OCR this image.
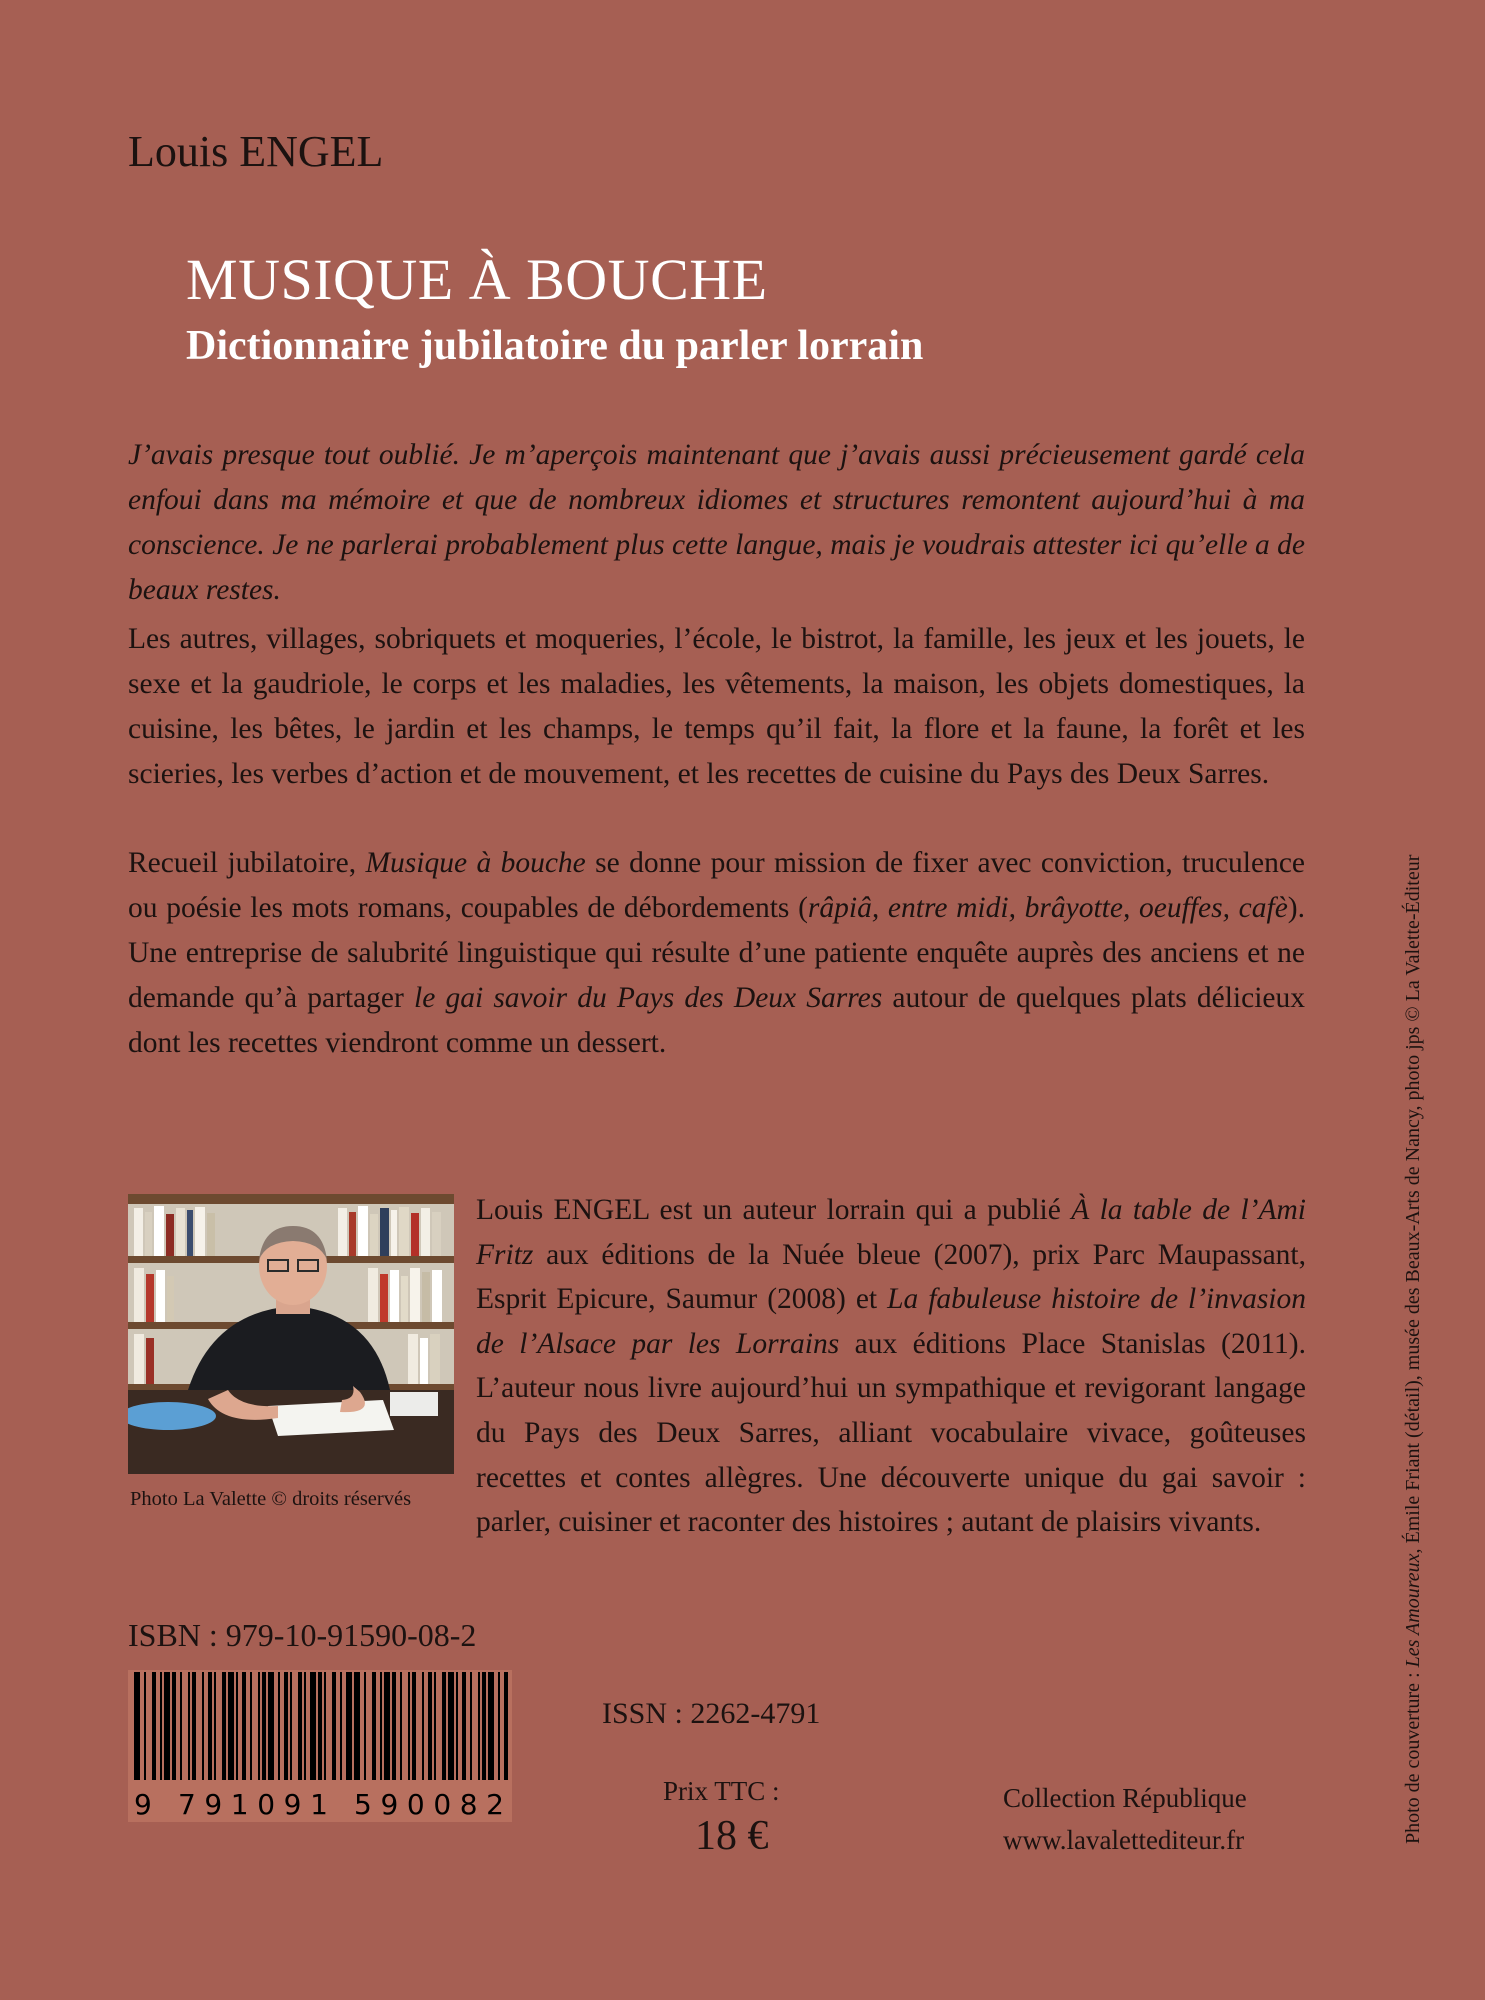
Louis ENGEL
MUSIQUE À BOUCHE
Dictionnaire jubilatoire du parler lorrain
J’avais presque tout oublié. Je m’aperçois maintenant que j’avais aussi précieusement gardé cela enfoui dans ma mémoire et que de nombreux idiomes et structures remontent aujourd’hui à ma conscience. Je ne parlerai probablement plus cette langue, mais je voudrais attester ici qu’elle a de beaux restes.
Les autres, villages, sobriquets et moqueries, l’école, le bistrot, la famille, les jeux et les jouets, le sexe et la gaudriole, le corps et les maladies, les vêtements, la maison, les objets domestiques, la cuisine, les bêtes, le jardin et les champs, le temps qu’il fait, la flore et la faune, la forêt et les scieries, les verbes d’action et de mouvement, et les recettes de cuisine du Pays des Deux Sarres.
Recueil jubilatoire, Musique à bouche se donne pour mission de fixer avec conviction, truculence ou poésie les mots romans, coupables de débordements (râpiâ, entre midi, brâyotte, oeuffes, cafè). Une entreprise de salubrité linguistique qui résulte d’une patiente enquête auprès des anciens et ne demande qu’à partager le gai savoir du Pays des Deux Sarres autour de quelques plats délicieux dont les recettes viendront comme un dessert.
Photo La Valette © droits réservés
Louis ENGEL est un auteur lorrain qui a publié À la table de l’Ami Fritz aux éditions de la Nuée bleue (2007), prix Parc Maupassant, Esprit Epicure, Saumur (2008) et La fabuleuse histoire de l’invasion de l’Alsace par les Lorrains aux éditions Place Stanislas (2011). L’auteur nous livre aujourd’hui un sympathique et revigorant langage du Pays des Deux Sarres, alliant vocabulaire vivace, goûteuses recettes et contes allègres. Une découverte unique du gai savoir : parler, cuisiner et raconter des histoires ; autant de plaisirs vivants.
ISBN : 979-10-91590-08-2
9 791091 590082
ISSN : 2262-4791
Prix TTC :
18 €
Collection République
www.lavalettediteur.fr	Photo de couverture : Les Amoureux, Émile Friant (détail), musée des Beaux-Arts de Nancy, photo jps © La Valette-Éditeur
